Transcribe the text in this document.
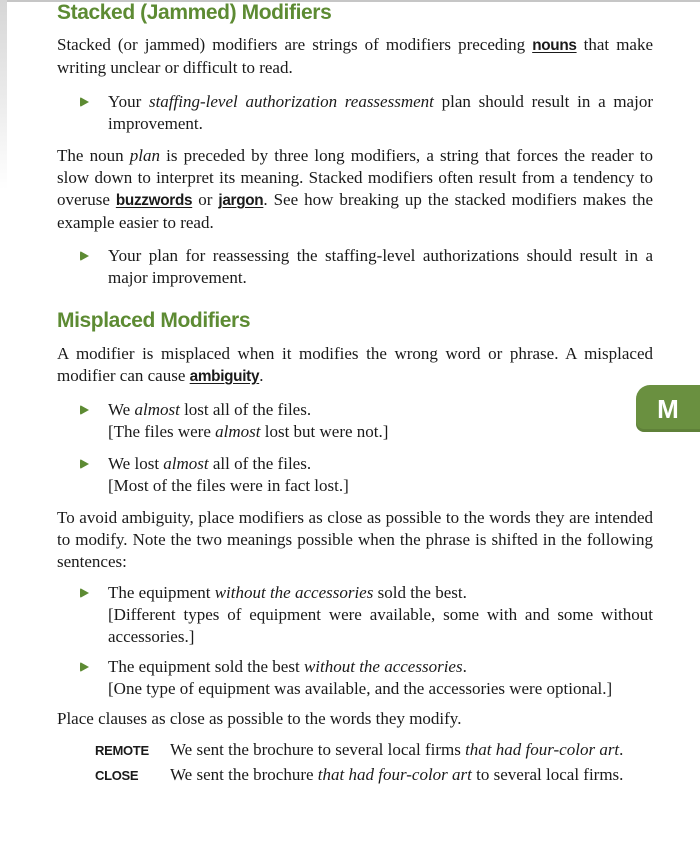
Stacked (Jammed) Modifiers
Stacked (or jammed) modifiers are strings of modifiers preceding nouns that make writing unclear or difficult to read.
Your staffing-level authorization reassessment plan should result in a major improvement.
The noun plan is preceded by three long modifiers, a string that forces the reader to slow down to interpret its meaning. Stacked modifiers often result from a tendency to overuse buzzwords or jargon. See how breaking up the stacked modifiers makes the example easier to read.
Your plan for reassessing the staffing-level authorizations should result in a major improvement.
Misplaced Modifiers
A modifier is misplaced when it modifies the wrong word or phrase. A misplaced modifier can cause ambiguity.
We almost lost all of the files.
[The files were almost lost but were not.]
We lost almost all of the files.
[Most of the files were in fact lost.]
To avoid ambiguity, place modifiers as close as possible to the words they are intended to modify. Note the two meanings possible when the phrase is shifted in the following sentences:
The equipment without the accessories sold the best.
[Different types of equipment were available, some with and some without accessories.]
The equipment sold the best without the accessories.
[One type of equipment was available, and the accessories were optional.]
Place clauses as close as possible to the words they modify.
REMOTE	We sent the brochure to several local firms that had four-color art.
CLOSE	We sent the brochure that had four-color art to several local firms.
M
